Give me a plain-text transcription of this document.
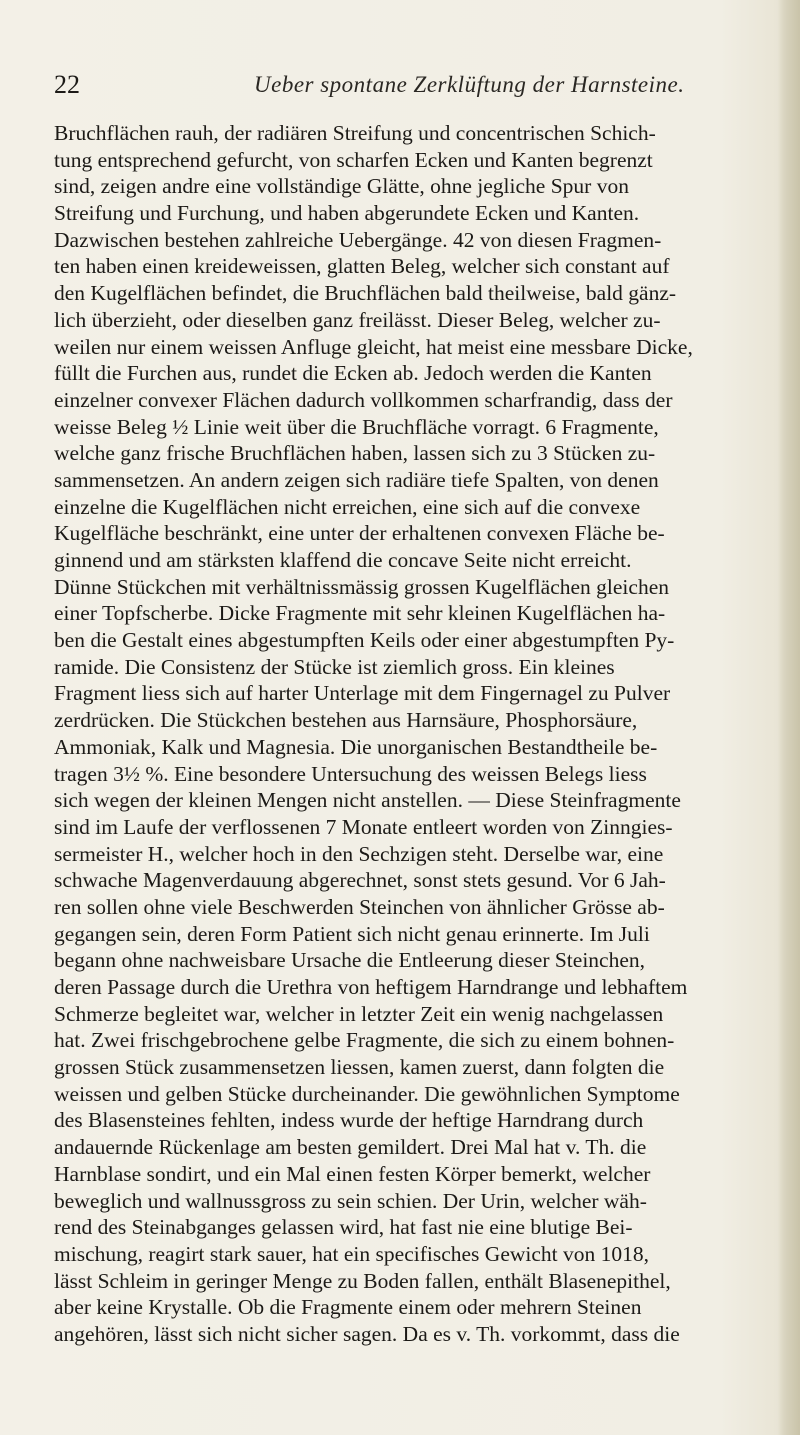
22	Ueber spontane Zerklüftung der Harnsteine.
Bruchflächen rauh, der radiären Streifung und concentrischen Schich-
tung entsprechend gefurcht, von scharfen Ecken und Kanten begrenzt
sind, zeigen andre eine vollständige Glätte, ohne jegliche Spur von
Streifung und Furchung, und haben abgerundete Ecken und Kanten.
Dazwischen bestehen zahlreiche Uebergänge. 42 von diesen Fragmen-
ten haben einen kreideweissen, glatten Beleg, welcher sich constant auf
den Kugelflächen befindet, die Bruchflächen bald theilweise, bald gänz-
lich überzieht, oder dieselben ganz freilässt. Dieser Beleg, welcher zu-
weilen nur einem weissen Anfluge gleicht, hat meist eine messbare Dicke,
füllt die Furchen aus, rundet die Ecken ab. Jedoch werden die Kanten
einzelner convexer Flächen dadurch vollkommen scharfrandig, dass der
weisse Beleg ½ Linie weit über die Bruchfläche vorragt. 6 Fragmente,
welche ganz frische Bruchflächen haben, lassen sich zu 3 Stücken zu-
sammensetzen. An andern zeigen sich radiäre tiefe Spalten, von denen
einzelne die Kugelflächen nicht erreichen, eine sich auf die convexe
Kugelfläche beschränkt, eine unter der erhaltenen convexen Fläche be-
ginnend und am stärksten klaffend die concave Seite nicht erreicht.
Dünne Stückchen mit verhältnissmässig grossen Kugelflächen gleichen
einer Topfscherbe. Dicke Fragmente mit sehr kleinen Kugelflächen ha-
ben die Gestalt eines abgestumpften Keils oder einer abgestumpften Py-
ramide. Die Consistenz der Stücke ist ziemlich gross. Ein kleines
Fragment liess sich auf harter Unterlage mit dem Fingernagel zu Pulver
zerdrücken. Die Stückchen bestehen aus Harnsäure, Phosphorsäure,
Ammoniak, Kalk und Magnesia. Die unorganischen Bestandtheile be-
tragen 3½ %. Eine besondere Untersuchung des weissen Belegs liess
sich wegen der kleinen Mengen nicht anstellen. — Diese Steinfragmente
sind im Laufe der verflossenen 7 Monate entleert worden von Zinngies-
sermeister H., welcher hoch in den Sechzigen steht. Derselbe war, eine
schwache Magenverdauung abgerechnet, sonst stets gesund. Vor 6 Jah-
ren sollen ohne viele Beschwerden Steinchen von ähnlicher Grösse ab-
gegangen sein, deren Form Patient sich nicht genau erinnerte. Im Juli
begann ohne nachweisbare Ursache die Entleerung dieser Steinchen,
deren Passage durch die Urethra von heftigem Harndrange und lebhaftem
Schmerze begleitet war, welcher in letzter Zeit ein wenig nachgelassen
hat. Zwei frischgebrochene gelbe Fragmente, die sich zu einem bohnen-
grossen Stück zusammensetzen liessen, kamen zuerst, dann folgten die
weissen und gelben Stücke durcheinander. Die gewöhnlichen Symptome
des Blasensteines fehlten, indess wurde der heftige Harndrang durch
andauernde Rückenlage am besten gemildert. Drei Mal hat v. Th. die
Harnblase sondirt, und ein Mal einen festen Körper bemerkt, welcher
beweglich und wallnussgross zu sein schien. Der Urin, welcher wäh-
rend des Steinabganges gelassen wird, hat fast nie eine blutige Bei-
mischung, reagirt stark sauer, hat ein specifisches Gewicht von 1018,
lässt Schleim in geringer Menge zu Boden fallen, enthält Blasenepithel,
aber keine Krystalle. Ob die Fragmente einem oder mehrern Steinen
angehören, lässt sich nicht sicher sagen. Da es v. Th. vorkommt, dass die
